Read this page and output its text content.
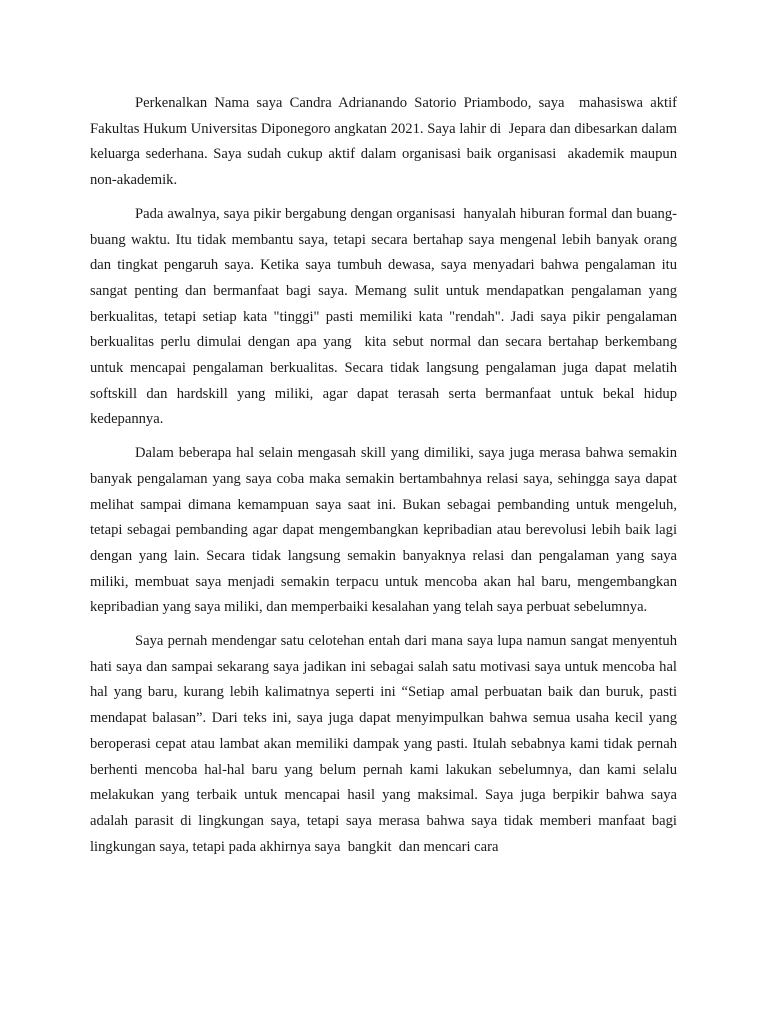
Perkenalkan Nama saya Candra Adrianando Satorio Priambodo, saya  mahasiswa aktif Fakultas Hukum Universitas Diponegoro angkatan 2021. Saya lahir di  Jepara dan dibesarkan dalam keluarga sederhana. Saya sudah cukup aktif dalam organisasi baik organisasi  akademik maupun non-akademik.

Pada awalnya, saya pikir bergabung dengan organisasi  hanyalah hiburan formal dan buang-buang waktu. Itu tidak membantu saya, tetapi secara bertahap saya mengenal lebih banyak orang dan tingkat pengaruh saya. Ketika saya tumbuh dewasa, saya menyadari bahwa pengalaman itu sangat penting dan bermanfaat bagi saya. Memang sulit untuk mendapatkan pengalaman yang berkualitas, tetapi setiap kata "tinggi" pasti memiliki kata "rendah". Jadi saya pikir pengalaman berkualitas perlu dimulai dengan apa yang  kita sebut normal dan secara bertahap berkembang untuk mencapai pengalaman berkualitas. Secara tidak langsung pengalaman juga dapat melatih softskill dan hardskill yang miliki, agar dapat terasah serta bermanfaat untuk bekal hidup kedepannya.

Dalam beberapa hal selain mengasah skill yang dimiliki, saya juga merasa bahwa semakin banyak pengalaman yang saya coba maka semakin bertambahnya relasi saya, sehingga saya dapat melihat sampai dimana kemampuan saya saat ini. Bukan sebagai pembanding untuk mengeluh, tetapi sebagai pembanding agar dapat mengembangkan kepribadian atau berevolusi lebih baik lagi dengan yang lain. Secara tidak langsung semakin banyaknya relasi dan pengalaman yang saya miliki, membuat saya menjadi semakin terpacu untuk mencoba akan hal baru, mengembangkan kepribadian yang saya miliki, dan memperbaiki kesalahan yang telah saya perbuat sebelumnya.

Saya pernah mendengar satu celotehan entah dari mana saya lupa namun sangat menyentuh hati saya dan sampai sekarang saya jadikan ini sebagai salah satu motivasi saya untuk mencoba hal hal yang baru, kurang lebih kalimatnya seperti ini “Setiap amal perbuatan baik dan buruk, pasti mendapat balasan”. Dari teks ini, saya juga dapat menyimpulkan bahwa semua usaha kecil yang beroperasi cepat atau lambat akan memiliki dampak yang pasti. Itulah sebabnya kami tidak pernah berhenti mencoba hal-hal baru yang belum pernah kami lakukan sebelumnya, dan kami selalu melakukan yang terbaik untuk mencapai hasil yang maksimal. Saya juga berpikir bahwa saya adalah parasit di lingkungan saya, tetapi saya merasa bahwa saya tidak memberi manfaat bagi lingkungan saya, tetapi pada akhirnya saya  bangkit  dan mencari cara
